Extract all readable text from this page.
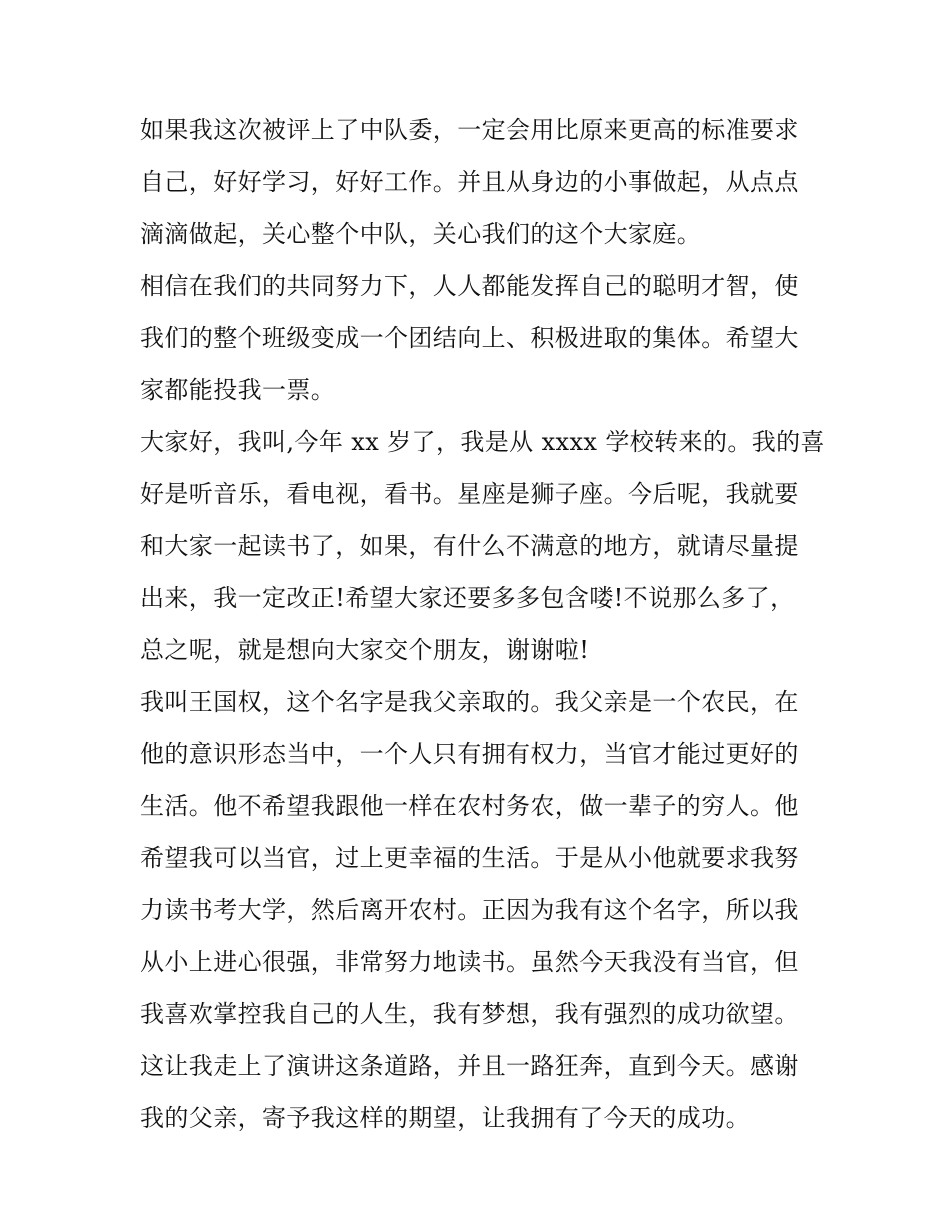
如果我这次被评上了中队委，一定会用比原来更高的标准要求
自己，好好学习，好好工作。并且从身边的小事做起，从点点
滴滴做起，关心整个中队，关心我们的这个大家庭。
相信在我们的共同努力下，人人都能发挥自己的聪明才智，使
我们的整个班级变成一个团结向上、积极进取的集体。希望大
家都能投我一票。
大家好，我叫,今年 xx 岁了，我是从 xxxx 学校转来的。我的喜
好是听音乐，看电视，看书。星座是狮子座。今后呢，我就要
和大家一起读书了，如果，有什么不满意的地方，就请尽量提
出来，我一定改正!希望大家还要多多包含喽!不说那么多了，
总之呢，就是想向大家交个朋友，谢谢啦!
我叫王国权，这个名字是我父亲取的。我父亲是一个农民，在
他的意识形态当中，一个人只有拥有权力，当官才能过更好的
生活。他不希望我跟他一样在农村务农，做一辈子的穷人。他
希望我可以当官，过上更幸福的生活。于是从小他就要求我努
力读书考大学，然后离开农村。正因为我有这个名字，所以我
从小上进心很强，非常努力地读书。虽然今天我没有当官，但
我喜欢掌控我自己的人生，我有梦想，我有强烈的成功欲望。
这让我走上了演讲这条道路，并且一路狂奔，直到今天。感谢
我的父亲，寄予我这样的期望，让我拥有了今天的成功。
